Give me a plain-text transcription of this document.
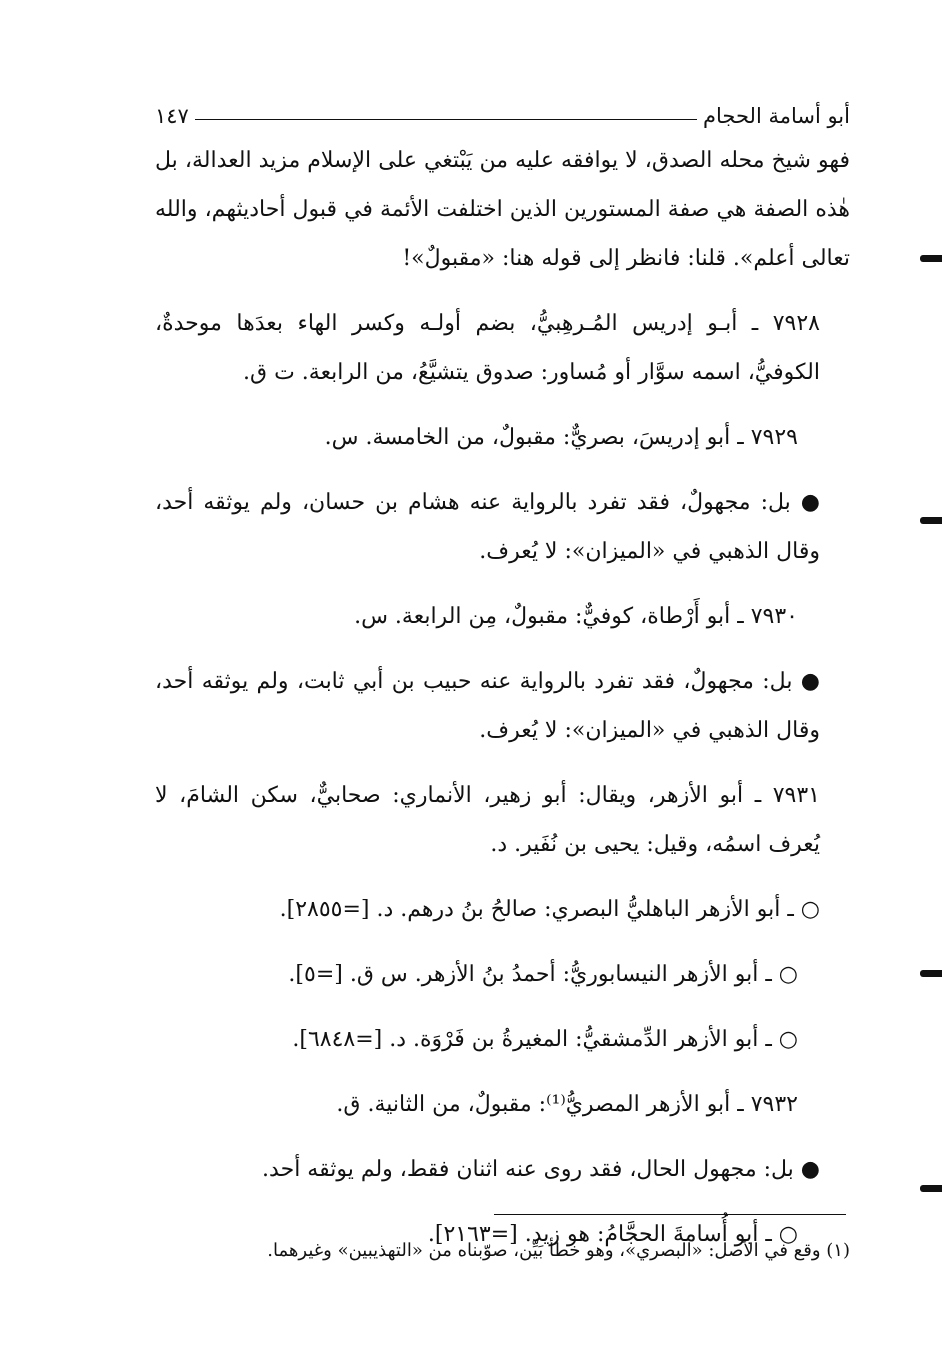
أبو أسامة الحجام
١٤٧

فهو شيخ محله الصدق، لا يوافقه عليه من يَبْتغي على الإسلام مزيد العدالة، بل هٰذه الصفة هي صفة المستورين الذين اختلفت الأئمة في قبول أحاديثهم، والله تعالى أعلم». قلنا: فانظر إلى قوله هنا: «مقبولٌ»!

٧٩٢٨ ـ أبـو إدريس المُـرهِبيُّ، بضم أولـه وكسر الهاء بعدَها موحدةٌ، الكوفيُّ، اسمه سوَّار أو مُساور: صدوق يتشيَّعُ، من الرابعة. ت ق.

٧٩٢٩ ـ أبو إدريسَ، بصريٌّ: مقبولٌ، من الخامسة. س.

● بل: مجهولٌ، فقد تفرد بالرواية عنه هشام بن حسان، ولم يوثقه أحد، وقال الذهبي في «الميزان»: لا يُعرف.

٧٩٣٠ ـ أبو أَرْطاة، كوفيٌّ: مقبولٌ، مِن الرابعة. س.

● بل: مجهولٌ، فقد تفرد بالرواية عنه حبيب بن أبي ثابت، ولم يوثقه أحد، وقال الذهبي في «الميزان»: لا يُعرف.

٧٩٣١ ـ أبو الأزهر، ويقال: أبو زهير، الأنماري: صحابيٌّ، سكن الشامَ، لا يُعرف اسمُه، وقيل: يحيى بن نُفَير. د.

○ ـ أبو الأزهر الباهليُّ البصري: صالحُ بنُ درهم. د. [=٢٨٥٥].

○ ـ أبو الأزهر النيسابوريُّ: أحمدُ بنُ الأزهر. س ق. [=٥].

○ ـ أبو الأزهر الدِّمشقيُّ: المغيرةُ بن فَرْوَة. د. [=٦٨٤٨].

٧٩٣٢ ـ أبو الأزهر المصريُّ⁽¹⁾: مقبولٌ، من الثانية. ق.

● بل: مجهول الحال، فقد روى عنه اثنان فقط، ولم يوثقه أحد.

○ ـ أبو أُسامةَ الحجَّامُ: هو زيد. [=٢١٦٣].

(١) وقع في الأصل: «البصري»، وهو خطأ بَيِّن، صوّبناه من «التهذيبين» وغيرهما.
